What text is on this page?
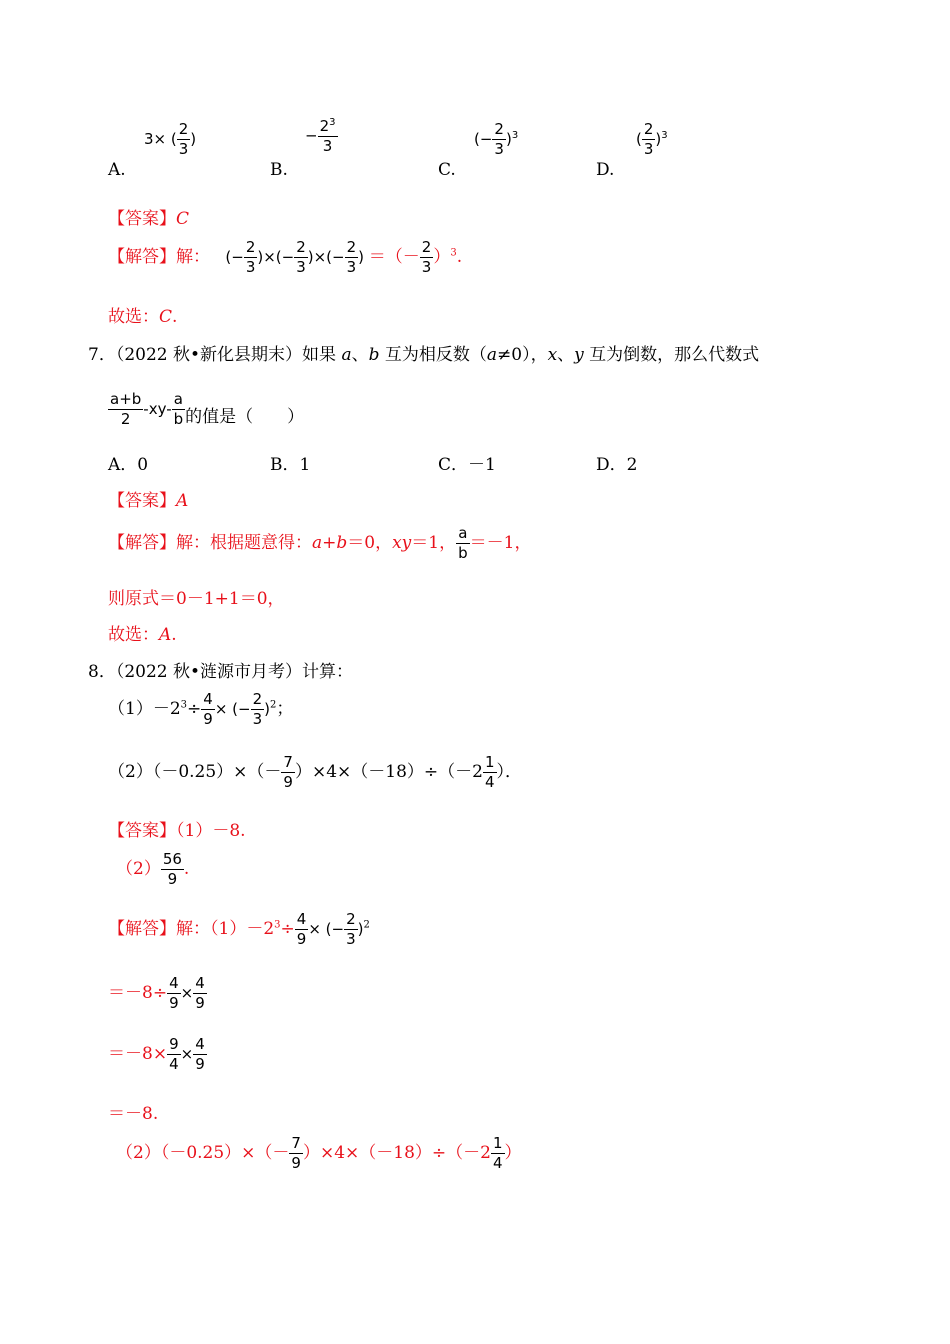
3× ( $\frac{2}{3}$ )
A.
− $\frac{2^3}{3}$
B.
(− $\frac{2}{3} )^3$
C.
( $\frac{2}{3} )^3$
D.
【答案】C
【解答】解： (− $\frac{2}{3}$ )×(− $\frac{2}{3}$ )×(− $\frac{2}{3}$ ) ＝（－ $\frac{2}{3} )^3$.
故选：C.
7．（2022 秋•新化县期末）如果 a、b 互为相反数（a≠0），x、y 互为倒数，那么代数式
$\frac{a+b}{2} -xy- \frac{a}{b}$ 的值是（　　）
A．0	B．1	C．－1	D．2
【答案】A
【解答】解：根据题意得：a+b＝0，xy＝1， $\frac{a}{b} =-1$，
则原式＝0－1+1＝0，
故选：A.
8．（2022 秋•涟源市月考）计算：
$(1)-2^3\div \frac{4}{9}$ × (− $\frac{2}{3} )^2$；
$(2)(-0.25)\times(- \frac{7}{9} )\times 4\times(-18)\div(-2 \frac{1}{4}$ ）．
【答案】（1）－8.
$(2) \frac{56}{9}$ .
【解答】解：$(1)-2^3\div \frac{4}{9}$ × (− $\frac{2}{3} )^2$
$=-8\div \frac{4}{9} \times \frac{4}{9}$
$=-8\times \frac{9}{4} \times \frac{4}{9}$
＝－8.
$(2)(-0.25)\times(- \frac{7}{9} )\times 4\times(-18)\div(-2 \frac{1}{4}$ ）
